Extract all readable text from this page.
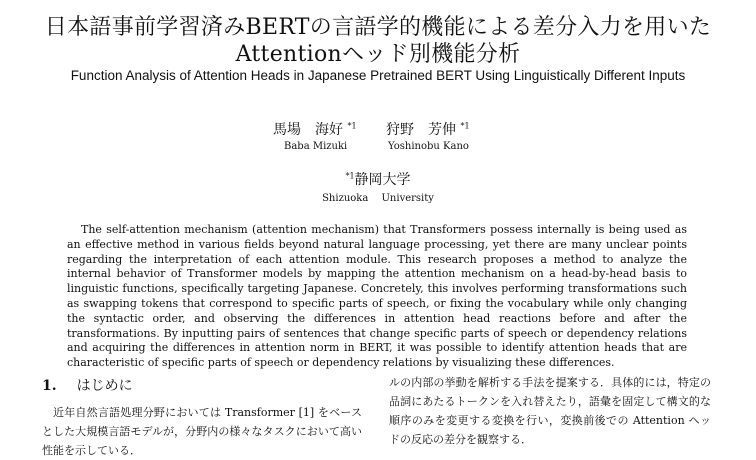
日本語事前学習済みBERTの言語学的機能による差分入力を用いた
Attentionヘッド別機能分析
Function Analysis of Attention Heads in Japanese Pretrained BERT Using Linguistically Different Inputs
馬場　海好 $^{*1}$ 狩野　芳伸 $^{*1}$
Baba Mizuki	Yoshinobu Kano
$^{*1}$静岡大学
Shizuoka　 University

The self-attention mechanism (attention mechanism) that Transformers possess internally is being used as an effective method in various fields beyond natural language processing, yet there are many unclear points regarding the interpretation of each attention module. This research proposes a method to analyze the internal behavior of Transformer models by mapping the attention mechanism on a head-by-head basis to linguistic functions, specifically targeting Japanese. Concretely, this involves performing transformations such as swapping tokens that correspond to specific parts of speech, or fixing the vocabulary while only changing the syntactic order, and observing the differences in attention head reactions before and after the transformations. By inputting pairs of sentences that change specific parts of speech or dependency relations and acquiring the differences in attention norm in BERT, it was possible to identify attention heads that are characteristic of specific parts of speech or dependency relations by visualizing these differences.

1. はじめに

近年自然言語処理分野においては Transformer [1] をベースとした大規模言語モデルが，分野内の様々なタスクにおいて高い性能を示している．

ルの内部の挙動を解析する手法を提案する．具体的には，特定の品詞にあたるトークンを入れ替えたり，語彙を固定して構文的な順序のみを変更する変換を行い，変換前後での Attention ヘッドの反応の差分を観察する．
